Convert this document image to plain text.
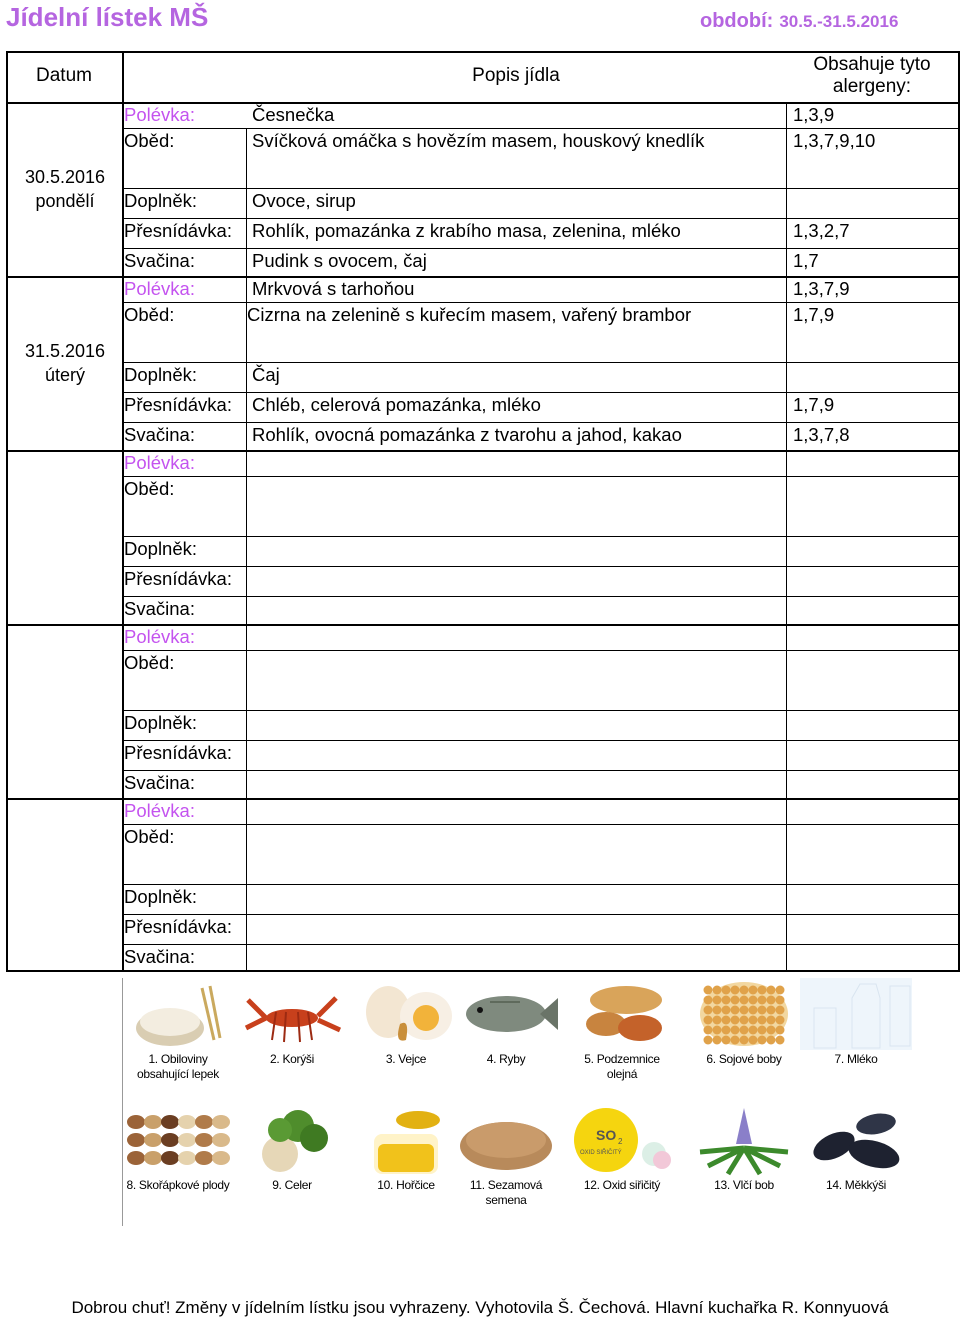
Jídelní lístek MŠ	období: 30.5.-31.5.2016
Datum	Popis jídla
Obsahuje tyto
alergeny:
30.5.2016
pondělí
Polévka:	Česnečka	1,3,9
Oběd:	Svíčková omáčka s hovězím masem, houskový knedlík	1,3,7,9,10
Doplněk:	Ovoce, sirup
Přesnídávka: Rohlík, pomazánka z krabího masa, zelenina, mléko	1,3,2,7
Svačina:	Pudink s ovocem, čaj	1,7
31.5.2016
úterý
Polévka:	Mrkvová s tarhoňou	1,3,7,9
Oběd:	Cizrna na zelenině s kuřecím masem, vařený brambor	1,7,9
Doplněk:	Čaj
Přesnídávka: Chléb, celerová pomazánka, mléko	1,7,9
Svačina:	Rohlík, ovocná pomazánka z tvarohu a jahod, kakao	1,3,7,8
Polévka:
Oběd:
Doplněk:
Přesnídávka:
Svačina:
Polévka:
Oběd:
Doplněk:
Přesnídávka:
Svačina:
Polévka:
Oběd:
Doplněk:
Přesnídávka:
Svačina:
1. Obiloviny
obsahující lepek
2. Korýši	3. Vejce	4. Ryby	5. Podzemnice
olejná
6. Sojové boby	7. Mléko
8. Skořápkové plody	9. Celer	10. Hořčice	11. Sezamová
semena
SO 2
OXID SIŘIČITÝ
12. Oxid siřičitý	13. Vlčí bob	14. Měkkýši
Dobrou chuť! Změny v jídelním lístku jsou vyhrazeny. Vyhotovila Š. Čechová. Hlavní kuchařka R. Konnyuová
